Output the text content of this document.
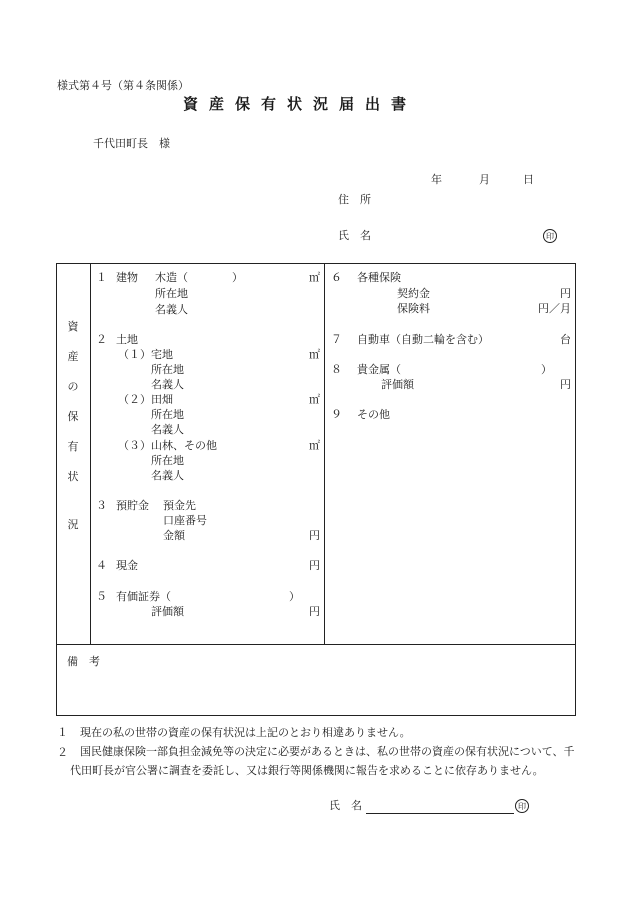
様式第４号（第４条関係）
資産保有状況届出書
千代田町長　様
年	月	日
住　所
氏　名	印
資
産
の
保
有
状
況
１ 建物 木造（　　　　）	㎡
所在地
名義人
２ 土地
（１）宅地	㎡
所在地
名義人
（２）田畑	㎡
所在地
名義人
（３）山林、その他	㎡
所在地
名義人
３ 預貯金 預金先
口座番号
金額	円
４ 現金	円
５ 有価証券（	）
評価額	円
６ 各種保険
契約金	円
保険料	円／月
７ 自動車（自動二輪を含む）	台
８ 貴金属（	）
評価額	円
９ その他
備　考
１ 現在の私の世帯の資産の保有状況は上記のとおり相違ありません。
２	国民健康保険一部負担金減免等の決定に必要があるときは、私の世帯の資産の保有状況について、千代田町長が官公署に調査を委託し、又は銀行等関係機関に報告を求めることに依存ありません。
氏　名	印
